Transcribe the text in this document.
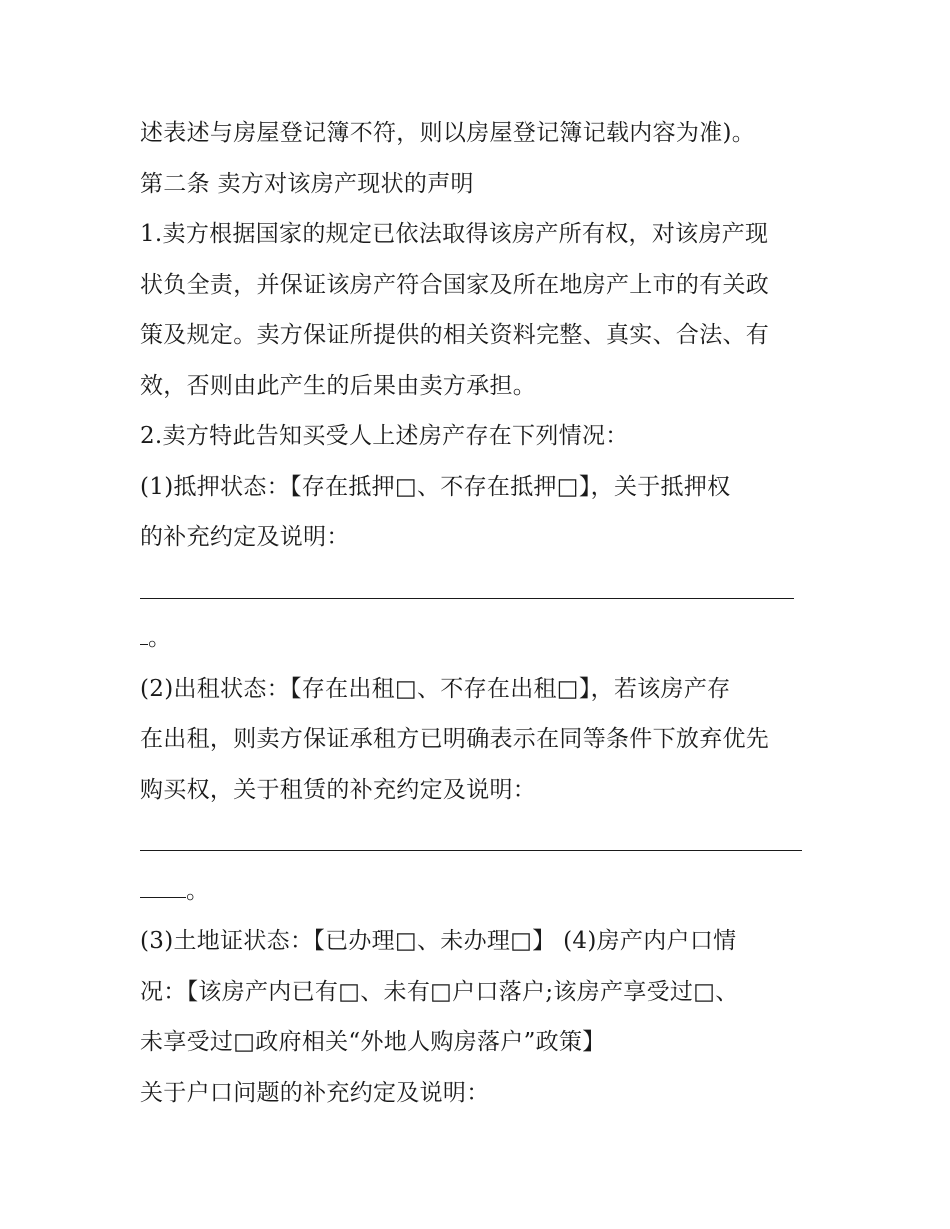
述表述与房屋登记簿不符，则以房屋登记簿记载内容为准)。
第二条 卖方对该房产现状的声明
1.卖方根据国家的规定已依法取得该房产所有权，对该房产现
状负全责，并保证该房产符合国家及所在地房产上市的有关政
策及规定。卖方保证所提供的相关资料完整、真实、合法、有
效，否则由此产生的后果由卖方承担。
2.卖方特此告知买受人上述房产存在下列情况：
(1)抵押状态：【存在抵押□、不存在抵押□】，关于抵押权
的补充约定及说明：
。
(2)出租状态：【存在出租□、不存在出租□】，若该房产存
在出租，则卖方保证承租方已明确表示在同等条件下放弃优先
购买权，关于租赁的补充约定及说明：
。
(3)土地证状态：【已办理□、未办理□】 (4)房产内户口情
况：【该房产内已有□、未有□户口落户;该房产享受过□、
未享受过□政府相关“外地人购房落户”政策】
关于户口问题的补充约定及说明：
